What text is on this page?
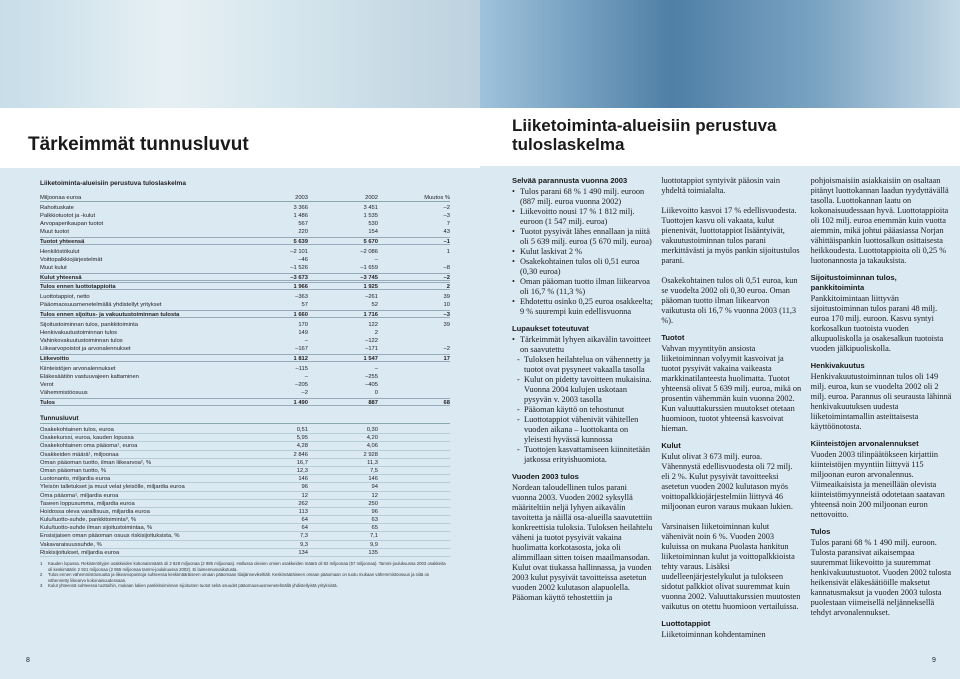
Tärkeimmät tunnusluvut
Liiketoiminta-alueisiin perustuva tuloslaskelma
Miljoonaa euroa	2003	2002	Muutos %
Rahoituskate	3 366	3 451	–2
Palkkiotuotot ja -kulut	1 486	1 535	–3
Arvopaperikaupan tuotot	567	530	7
Muut tuotot	220	154	43
Tuotot yhteensä	5 639	5 670	–1
Henkilöstökulut	–2 101	–2 086	1
Voittopalkkiojärjestelmät	–46	–
Muut kulut	–1 526	–1 659	–8
Kulut yhteensä	–3 673	–3 745	–2
Tulos ennen luottotappioita	1 966	1 925	2
Luottotappiot, netto	–363	–261	39
Pääomaosuusmenetelmällä yhdistellyt yritykset	57	52	10
Tulos ennen sijoitus- ja vakuutustoiminnan tulosta	1 660	1 716	–3
Sijoitustoiminnan tulos, pankkitoiminta	170	122	39
Henkivakuutustoiminnan tulos	149	2
Vahinkovakuutustoiminnan tulos	–	–122
Liikearvopoistot ja arvonalennukset	–167	–171	–2
Liikevoitto	1 812	1 547	17
Kiinteistöjen arvonalennukset	–115	–
Eläkesäätiön vastuuvajeen kattaminen	–	–255
Verot	–205	–405
Vähemmistöosuus	–2	0
Tulos	1 490	887	68
Tunnusluvut
Osakekohtainen tulos, euroa	0,51	0,30
Osakekurssi, euroa, kauden lopussa	5,95	4,20
Osakekohtainen oma pääoma¹, euroa	4,28	4,06
Osakkeiden määrä¹, miljoonaa	2 846	2 928
Oman pääoman tuotto, ilman liikearvoa², %	16,7	11,3
Oman pääoman tuotto, %	12,3	7,5
Luotonanto, miljardia euroa	146	146
Yleisön talletukset ja muut velat yleisölle, miljardia euroa	96	94
Oma pääoma¹, miljardia euroa	12	12
Taseen loppusumma, miljardia euroa	262	250
Hoidossa oleva varallisuus, miljardia euroa	113	96
Kulu/tuotto-suhde, pankkitoiminta³, %	64	63
Kulu/tuotto-suhde ilman sijoitustoimintaa, %	64	65
Ensisijaisen oman pääoman osuus riskisijoituksista, %	7,3	7,1
Vakavaraisuussuhde, %	9,3	9,9
Riskisijoitukset, miljardia euroa	134	135
1	Kauden lopussa. Rekisteröityjen osakkeiden kokonaismäärä oli 2 928 miljoonaa (2 985 miljoonaa). Hallussa olevien omien osakkeiden määrä oli 82 miljoonaa (57 miljoonaa). Tammi-joulukuussa 2003 osakkeita oli keskimäärin 2 921 miljoonaa (2 955 miljoonaa tammi-joulukuussa 2002). Ei laimennusvaikutusta.
2	Tulos ennen vähemmistöosuutta ja liikearvopoistoja suhteessa keskimääräiseen omaan pääomaan tilaijännevikeltiält. Keskimääräiseen omaan pääomaan on tuotu mukaan vähemmistöosuus ja siitä on vähennetty liikearvo kokonaisuudessaan.
3	Kulut yhteensä suhteessa tuottoihin, mukaan lukien pankkitoiminnan sijoitusten tuotot sekä osuudet pääomaosuusmenetelmällä yhdistellyistä yrityksistä.
8
Liiketoiminta-alueisiin perustuva tuloslaskelma
Selvää parannusta vuonna 2003
• Tulos parani 68 % 1 490 milj. euroon (887 milj. euroa vuonna 2002)
• Liikevoitto nousi 17 % 1 812 milj. euroon (1 547 milj. euroa)
• Tuotot pysyivät lähes ennallaan ja niitä oli 5 639 milj. euroa (5 670 milj. euroa)
• Kulut laskivat 2 %
• Osakekohtainen tulos oli 0,51 euroa (0,30 euroa)
• Oman pääoman tuotto ilman liikearvoa oli 16,7 % (11,3 %)
• Ehdotettu osinko 0,25 euroa osakkeelta; 9 % suurempi kuin edellisvuonna
Lupaukset toteutuvat
• Tärkeimmät lyhyen aikavälin tavoitteet on saavutettu
- Tuloksen heilahtelua on vähennetty ja tuotot ovat pysyneet vakaalla tasolla
- Kulut on pidetty tavoitteen mukaisina. Vuonna 2004 kulujen uskotaan pysyvän v. 2003 tasolla
- Pääoman käyttö on tehostunut
- Luottotappiot vähenivät vähitellen vuoden aikana – luottokanta on yleisesti hyvässä kunnossa
- Tuottojen kasvattamiseen kiinnitetään jatkossa erityishuomiota.
Vuoden 2003 tulos

Nordean taloudellinen tulos parani vuonna 2003. Vuoden 2002 syksyllä määriteltiin neljä lyhyen aikavälin tavoitetta ja näillä osa-alueilla saavutettiin konkreettisia tuloksia. Tuloksen heilahtelu väheni ja tuotot pysyivät vakaina huolimatta korkotasosta, joka oli alimmillaan sitten toisen maailmansodan. Kulut ovat tiukassa hallinnassa, ja vuoden 2003 kulut pysyivät tavoitteissa asetetun vuoden 2002 kulutason alapuolella. Pääoman käyttö tehostettiin ja

luottotappiot syntyivät pääosin vain yhdeltä toimialalta.

Liikevoitto kasvoi 17 % edellisvuodesta. Tuottojen kasvu oli vakaata, kulut pienenivät, luottotappiot lisääntyivät, vakuutustoiminnan tulos parani merkittävästi ja myös pankin sijoitustulos parani.

Osakekohtainen tulos oli 0,51 euroa, kun se vuodelta 2002 oli 0,30 euroa. Oman pääoman tuotto ilman liikearvon vaikutusta oli 16,7 % vuonna 2003 (11,3 %).

Tuotot

Vahvan myyntityön ansiosta liiketoiminnan volyymit kasvoivat ja tuotot pysyivät vakaina vaikeasta markkinatilanteesta huolimatta. Tuotot yhteensä olivat 5 639 milj. euroa, mikä on prosentin vähemmän kuin vuonna 2002. Kun valuuttakurssien muutokset otetaan huomioon, tuotot yhteensä kasvoivat hieman.

Kulut

Kulut olivat 3 673 milj. euroa. Vähennystä edellisvuodesta oli 72 milj. eli 2 %. Kulut pysyivät tavoitteeksi asetetun vuoden 2002 kulutason myös voittopalkkiojärjestelmiin liittyvä 46 miljoonan euron varaus mukaan lukien.

Varsinaisen liiketoiminnan kulut vähenivät noin 6 %. Vuoden 2003 kuluissa on mukana Puolasta hankitun liiketoiminnan kulut ja voittopalkkioista tehty varaus. Lisäksi uudelleenjärjestelykulut ja tulokseen sidotut palkkiot olivat suuremmat kuin vuonna 2002. Valuuttakurssien muutosten vaikutus on otettu huomioon vertailuissa.

Luottotappiot

Liiketoiminnan kohdentaminen

pohjoismaisiin asiakkaisiin on osaltaan pitänyt luottokannan laadun tyydyttävällä tasolla. Luottokannan laatu on kokonaisuudessaan hyvä. Luottotappioita oli 102 milj. euroa enemmän kuin vuotta aiemmin, mikä johtui pääasiassa Norjan vähittäispankin luottosalkun osittaisesta heikkoudesta. Luottotappioita oli 0,25 % luotonannosta ja takauksista.

Sijoitustoiminnan tulos, pankkitoiminta

Pankkitoimintaan liittyvän sijoitustoiminnan tulos parani 48 milj. euroa 170 milj. euroon. Kasvu syntyi korkosalkun tuotoista vuoden alkupuoliskolla ja osakesalkun tuotoista vuoden jälkipuoliskolla.

Henkivakuutus

Henkivakuutustoiminnan tulos oli 149 milj. euroa, kun se vuodelta 2002 oli 2 milj. euroa. Parannus oli seurausta lähinnä henkivakuutuksen uudesta liiketoimintamallin asteittaisesta käyttöönotosta.

Kiinteistöjen arvonalennukset

Vuoden 2003 tilinpäätökseen kirjattiin kiinteistöjen myyntiin liittyvä 115 miljoonan euron arvonalennus. Viimeaikaisista ja meneillään olevista kiinteistömyynneistä odotetaan saatavan yhteensä noin 200 miljoonan euron nettovoitto.

Tulos

Tulos parani 68 % 1 490 milj. euroon. Tulosta paransivat aikaisempaa suuremmat liikevoitto ja suuremmat henkivakuutustuotot. Vuoden 2002 tulosta heikensivät eläkesäätiöille maksetut kannatusmaksut ja vuoden 2003 tulosta puolestaan viimeisellä neljänneksellä tehdyt arvonalennukset.

9
